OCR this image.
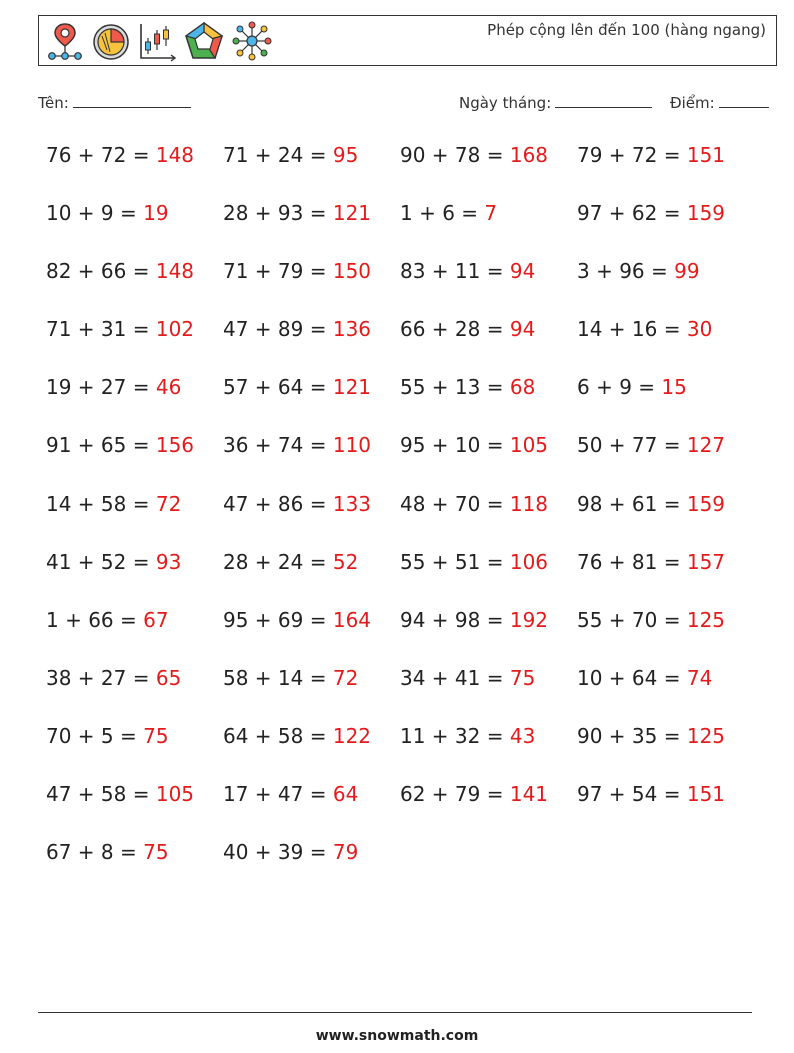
Phép cộng lên đến 100 (hàng ngang)
Tên:	Ngày tháng:	Điểm:
76 + 72 = 148	71 + 24 = 95	90 + 78 = 168	79 + 72 = 151
10 + 9 = 19	28 + 93 = 121	1 + 6 = 7	97 + 62 = 159
82 + 66 = 148	71 + 79 = 150	83 + 11 = 94	3 + 96 = 99
71 + 31 = 102	47 + 89 = 136	66 + 28 = 94	14 + 16 = 30
19 + 27 = 46	57 + 64 = 121	55 + 13 = 68	6 + 9 = 15
91 + 65 = 156	36 + 74 = 110	95 + 10 = 105	50 + 77 = 127
14 + 58 = 72	47 + 86 = 133	48 + 70 = 118	98 + 61 = 159
41 + 52 = 93	28 + 24 = 52	55 + 51 = 106	76 + 81 = 157
1 + 66 = 67	95 + 69 = 164	94 + 98 = 192	55 + 70 = 125
38 + 27 = 65	58 + 14 = 72	34 + 41 = 75	10 + 64 = 74
70 + 5 = 75	64 + 58 = 122	11 + 32 = 43	90 + 35 = 125
47 + 58 = 105	17 + 47 = 64	62 + 79 = 141	97 + 54 = 151
67 + 8 = 75	40 + 39 = 79
www.snowmath.com
